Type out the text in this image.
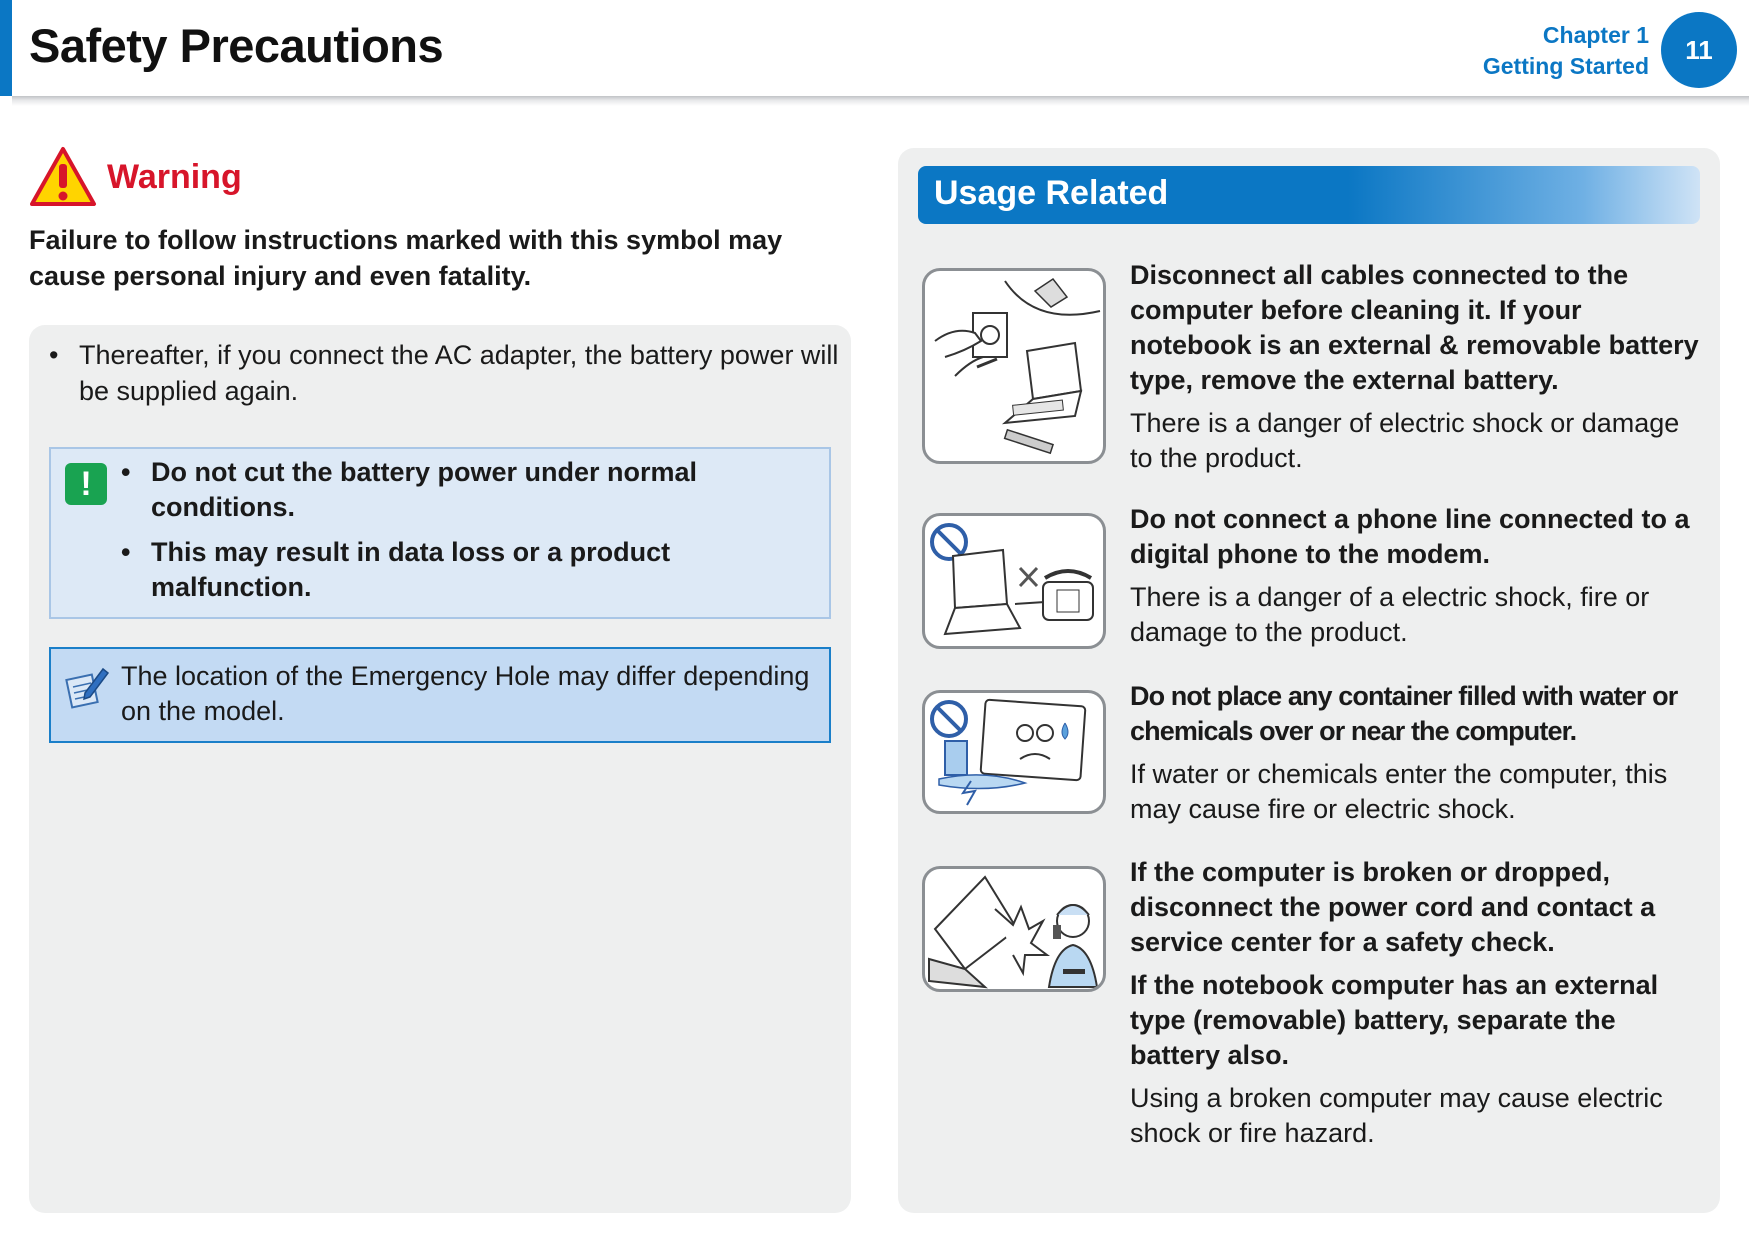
Safety Precautions	Chapter 1
Getting Started
11
Warning
Failure to follow instructions marked with this symbol may cause personal injury and even fatality.
• Thereafter, if you connect the AC adapter, the battery power will be supplied again.
!
•	Do not cut the battery power under normal conditions.
• This may result in data loss or a product malfunction.
The location of the Emergency Hole may differ depending on the model.
Usage Related

Disconnect all cables connected to the computer before cleaning it. If your notebook is an external & removable battery type, remove the external battery.

There is a danger of electric shock or damage to the product.

Do not connect a phone line connected to a digital phone to the modem.

There is a danger of a electric shock, fire or damage to the product.

Do not place any container filled with water or chemicals over or near the computer.

If water or chemicals enter the computer, this may cause fire or electric shock.

If the computer is broken or dropped, disconnect the power cord and contact a service center for a safety check.

If the notebook computer has an external type (removable) battery, separate the battery also.

Using a broken computer may cause electric shock or fire hazard.
